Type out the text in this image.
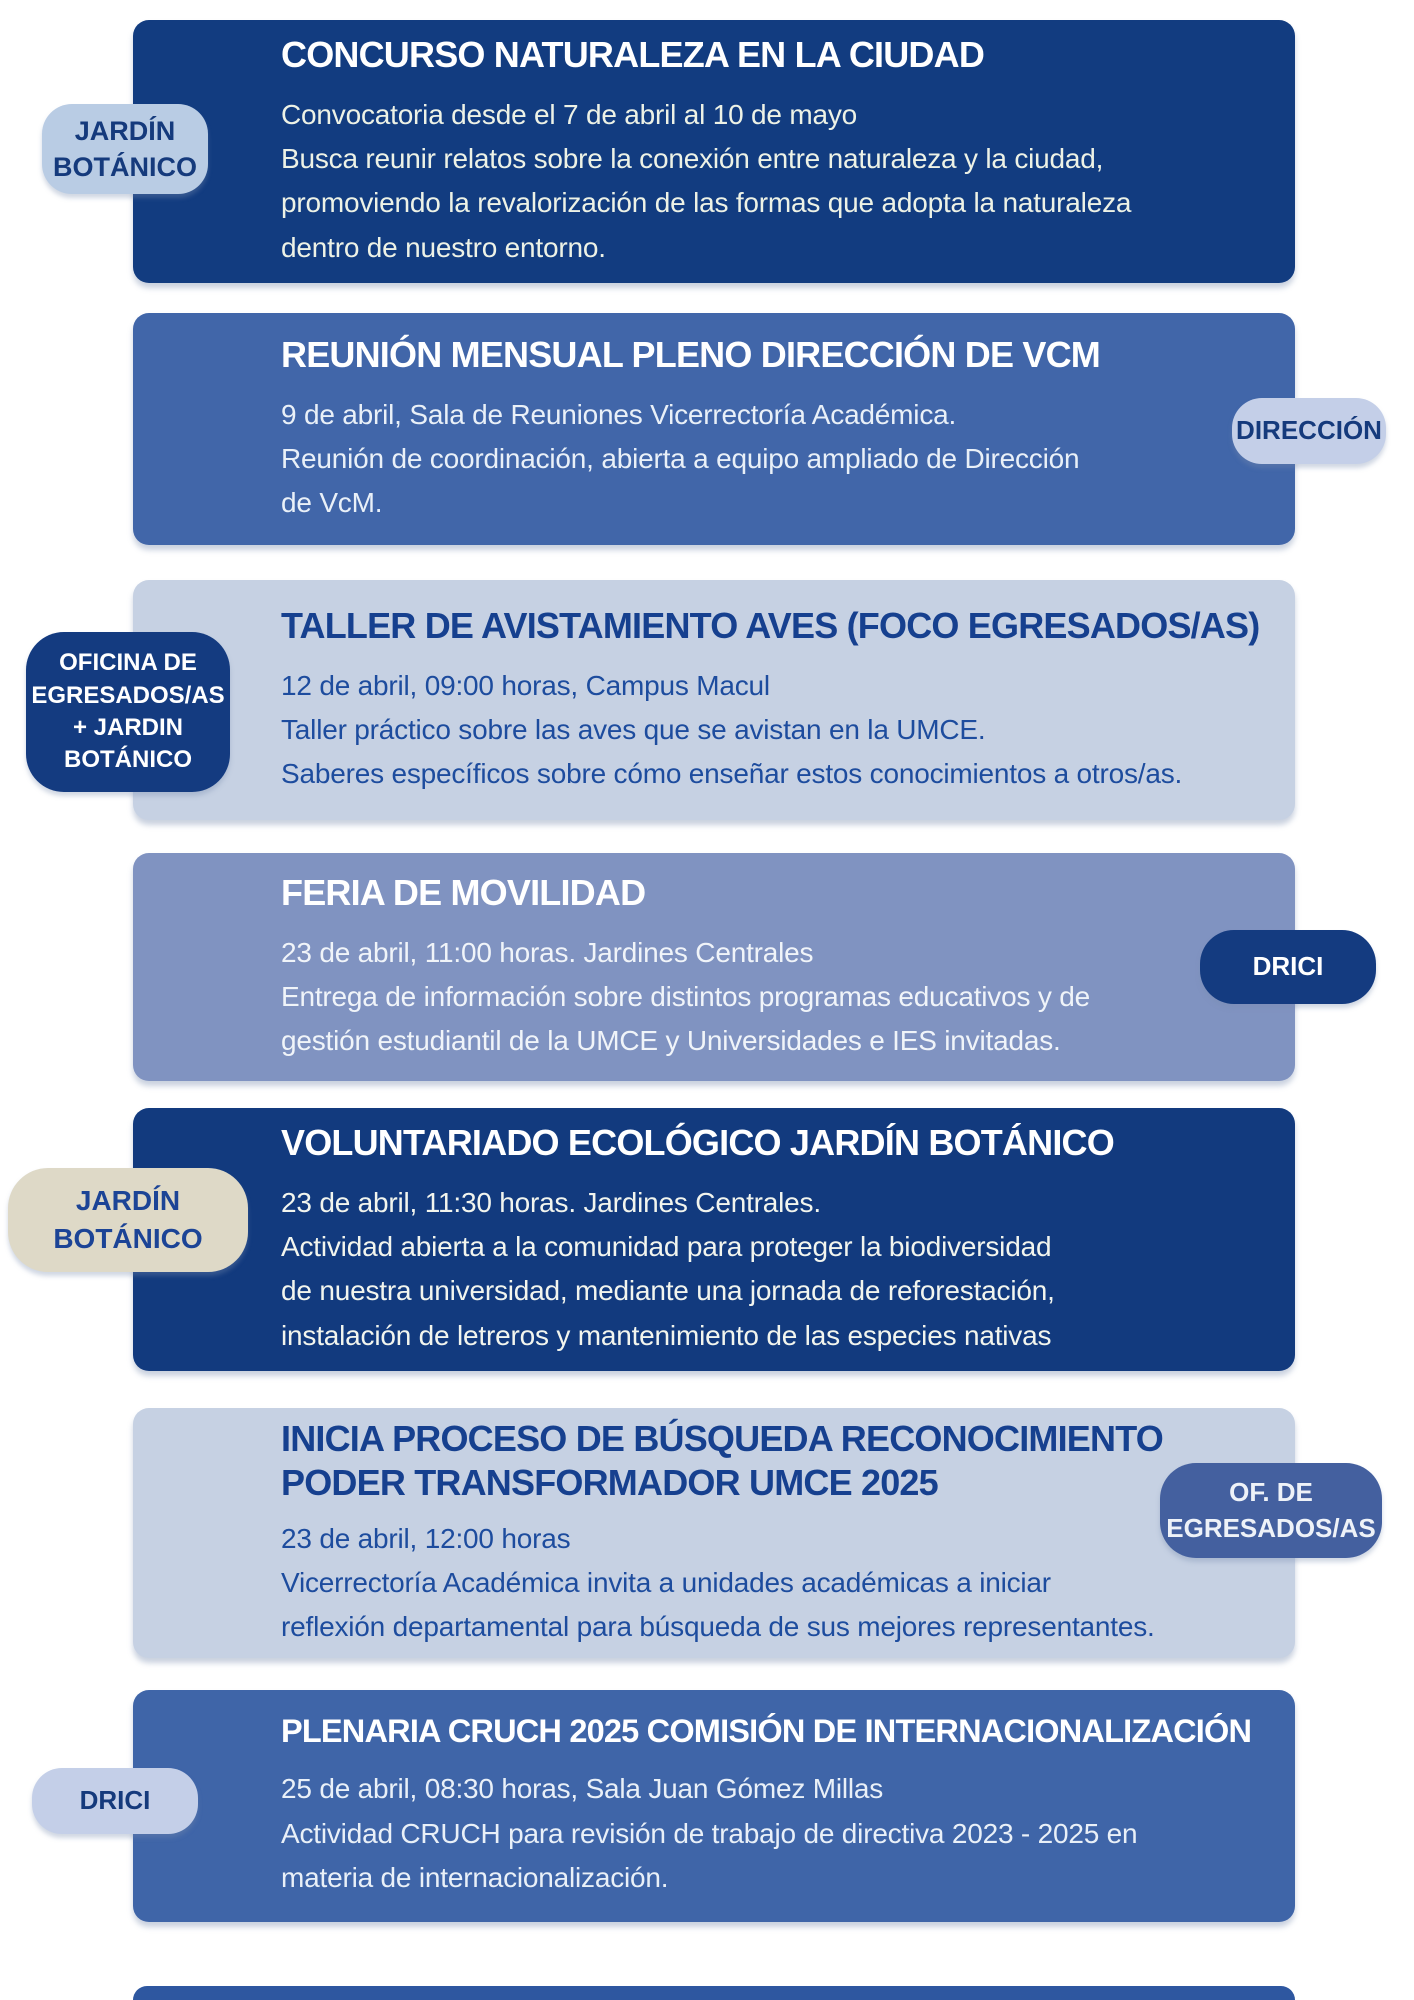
CONCURSO NATURALEZA EN LA CIUDAD
Convocatoria desde el 7 de abril al 10 de mayo
Busca reunir relatos sobre la conexión entre naturaleza y la ciudad,
promoviendo la revalorización de las formas que adopta la naturaleza
dentro de nuestro entorno.
JARDÍN
BOTÁNICO
REUNIÓN MENSUAL PLENO DIRECCIÓN DE VCM
9 de abril, Sala de Reuniones Vicerrectoría Académica.
Reunión de coordinación, abierta a equipo ampliado de Dirección
de VcM.
DIRECCIÓN
TALLER DE AVISTAMIENTO AVES (FOCO EGRESADOS/AS)
12 de abril, 09:00 horas, Campus Macul
Taller práctico sobre las aves que se avistan en la UMCE.
Saberes específicos sobre cómo enseñar estos conocimientos a otros/as.
OFICINA DE
EGRESADOS/AS
+ JARDIN
BOTÁNICO
FERIA DE MOVILIDAD
23 de abril, 11:00 horas. Jardines Centrales
Entrega de información sobre distintos programas educativos y de
gestión estudiantil de la UMCE y Universidades e IES invitadas.
DRICI
VOLUNTARIADO ECOLÓGICO JARDÍN BOTÁNICO
23 de abril, 11:30 horas. Jardines Centrales.
Actividad abierta a la comunidad para proteger la biodiversidad
de nuestra universidad, mediante una jornada de reforestación,
instalación de letreros y mantenimiento de las especies nativas
JARDÍN
BOTÁNICO
INICIA PROCESO DE BÚSQUEDA RECONOCIMIENTO
PODER TRANSFORMADOR UMCE 2025
23 de abril, 12:00 horas
Vicerrectoría Académica invita a unidades académicas a iniciar
reflexión departamental para búsqueda de sus mejores representantes.
OF. DE
EGRESADOS/AS
PLENARIA CRUCH 2025 COMISIÓN DE INTERNACIONALIZACIÓN
25 de abril, 08:30 horas, Sala Juan Gómez Millas
Actividad CRUCH para revisión de trabajo de directiva 2023 - 2025 en
materia de internacionalización.
DRICI
